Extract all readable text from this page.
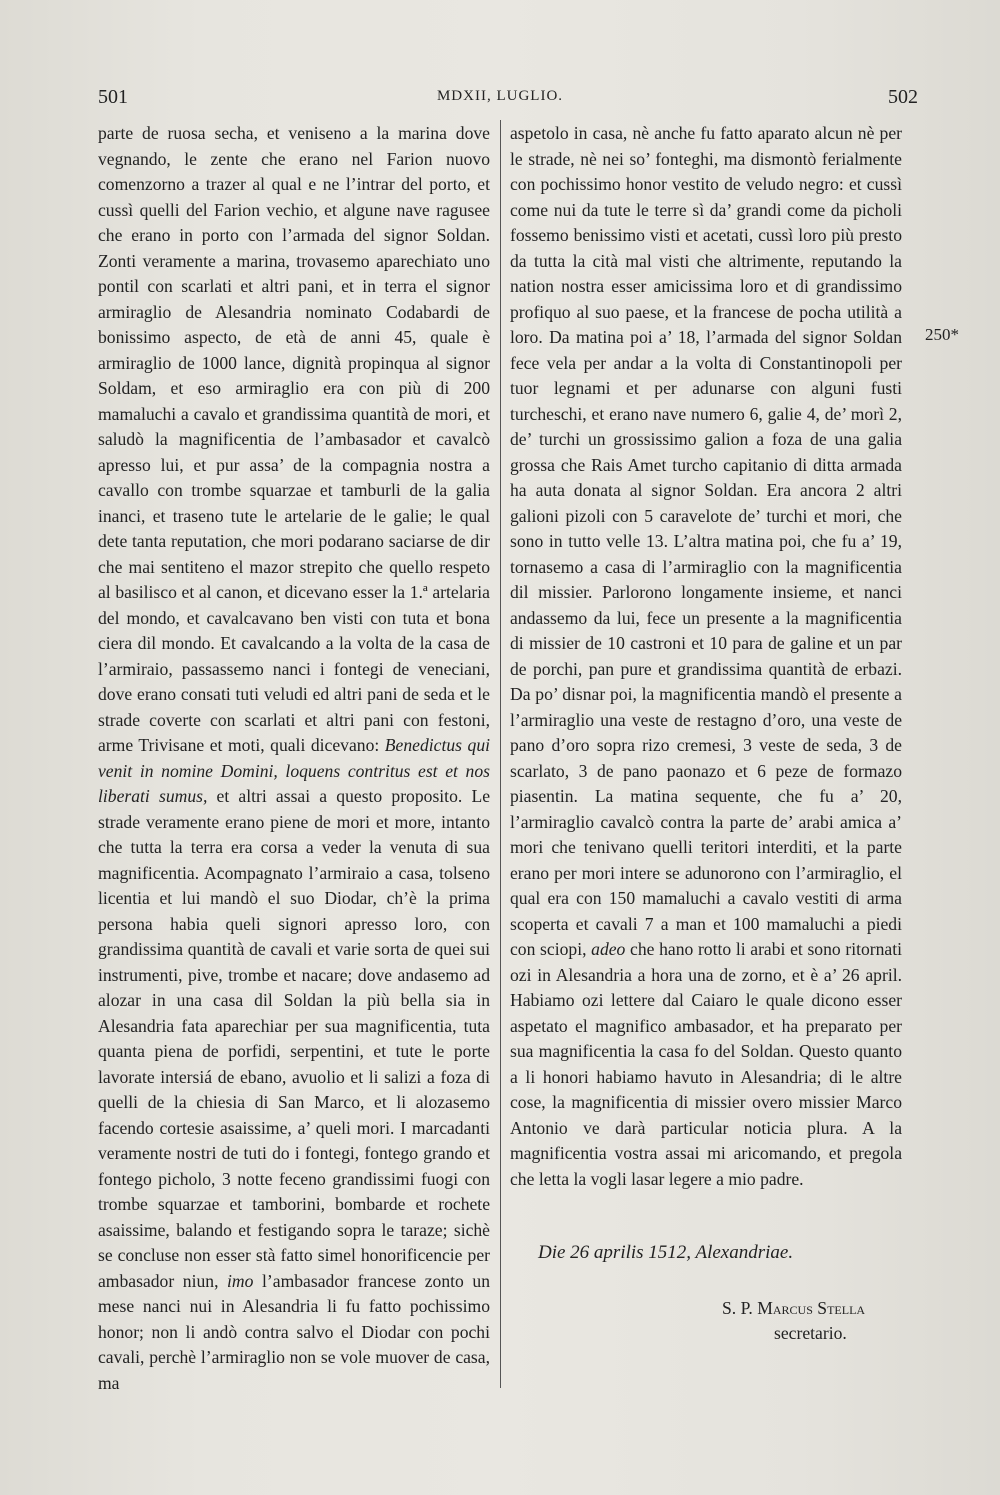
501	MDXII, LUGLIO.	502

parte de ruosa secha, et veniseno a la marina dove vegnando, le zente che erano nel Farion nuovo comenzorno a trazer al qual e ne l’intrar del porto, et cussì quelli del Farion vechio, et algune nave ragusee che erano in porto con l’armada del signor Soldan. Zonti veramente a marina, trovasemo aparechiato uno pontil con scarlati et altri pani, et in terra el signor armiraglio de Alesandria nominato Codabardi de bonissimo aspecto, de età de anni 45, quale è armiraglio de 1000 lance, dignità propinqua al signor Soldam, et eso armiraglio era con più di 200 mamaluchi a cavalo et grandissima quantità de mori, et saludò la magnificentia de l’ambasador et cavalcò apresso lui, et pur assa’ de la compagnia nostra a cavallo con trombe squarzae et tamburli de la galia inanci, et traseno tute le artelarie de le galie; le qual dete tanta reputation, che mori podarano saciarse de dir che mai sentiteno el mazor strepito che quello respeto al basilisco et al canon, et dicevano esser la 1.ª artelaria del mondo, et cavalcavano ben visti con tuta et bona ciera dil mondo. Et cavalcando a la volta de la casa de l’armiraio, passassemo nanci i fontegi de veneciani, dove erano consati tuti veludi ed altri pani de seda et le strade coverte con scarlati et altri pani con festoni, arme Trivisane et moti, quali dicevano: Benedictus qui venit in nomine Domini, loquens contritus est et nos liberati sumus, et altri assai a questo proposito. Le strade veramente erano piene de mori et more, intanto che tutta la terra era corsa a veder la venuta di sua magnificentia. Acompagnato l’armiraio a casa, tolseno licentia et lui mandò el suo Diodar, ch’è la prima persona habia queli signori apresso loro, con grandissima quantità de cavali et varie sorta de quei sui instrumenti, pive, trombe et nacare; dove andasemo ad alozar in una casa dil Soldan la più bella sia in Alesandria fata aparechiar per sua magnificentia, tuta quanta piena de porfidi, serpentini, et tute le porte lavorate intersiá de ebano, avuolio et li salizi a foza di quelli de la chiesia di San Marco, et li alozasemo facendo cortesie asaissime, a’ queli mori. I marcadanti veramente nostri de tuti do i fontegi, fontego grando et fontego picholo, 3 notte feceno grandissimi fuogi con trombe squarzae et tamborini, bombarde et rochete asaissime, balando et festigando sopra le taraze; sichè se concluse non esser stà fatto simel honorificencie per ambasador niun, imo l’ambasador francese zonto un mese nanci nui in Alesandria li fu fatto pochissimo honor; non li andò contra salvo el Diodar con pochi cavali, perchè l’armiraglio non se vole muover de casa, ma

aspetolo in casa, nè anche fu fatto aparato alcun nè per le strade, nè nei so’ fonteghi, ma dismontò ferialmente con pochissimo honor vestito de veludo negro: et cussì come nui da tute le terre sì da’ grandi come da picholi fossemo benissimo visti et acetati, cussì loro più presto da tutta la cità mal visti che altrimente, reputando la nation nostra esser amicissima loro et di grandissimo profiquo al suo paese, et la francese de pocha utilità a loro. Da matina poi a’ 18, l’armada del signor Soldan fece vela per andar a la volta di Constantinopoli per tuor legnami et per adunarse con alguni fusti turcheschi, et erano nave numero 6, galie 4, de’ morì 2, de’ turchi un grossissimo galion a foza de una galia grossa che Rais Amet turcho capitanio di ditta armada ha auta donata al signor Soldan. Era ancora 2 altri galioni pizoli con 5 caravelote de’ turchi et mori, che sono in tutto velle 13. L’altra matina poi, che fu a’ 19, tornasemo a casa di l’armiraglio con la magnificentia dil missier. Parlorono longamente insieme, et nanci andassemo da lui, fece un presente a la magnificentia di missier de 10 castroni et 10 para de galine et un par de porchi, pan pure et grandissima quantità de erbazi. Da po’ disnar poi, la magnificentia mandò el presente a l’armiraglio una veste de restagno d’oro, una veste de pano d’oro sopra rizo cremesi, 3 veste de seda, 3 de scarlato, 3 de pano paonazo et 6 peze de formazo piasentin. La matina sequente, che fu a’ 20, l’armiraglio cavalcò contra la parte de’ arabi amica a’ mori che tenivano quelli teritori interditi, et la parte erano per mori intere se adunorono con l’armiraglio, el qual era con 150 mamaluchi a cavalo vestiti di arma scoperta et cavali 7 a man et 100 mamaluchi a piedi con sciopi, adeo che hano rotto li arabi et sono ritornati ozi in Alesandria a hora una de zorno, et è a’ 26 april. Habiamo ozi lettere dal Caiaro le quale dicono esser aspetato el magnifico ambasador, et ha preparato per sua magnificentia la casa fo del Soldan. Questo quanto a li honori habiamo havuto in Alesandria; di le altre cose, la magnificentia di missier overo missier Marco Antonio ve darà particular noticia plura. A la magnificentia vostra assai mi aricomando, et pregola che letta la vogli lasar legere a mio padre.

250*
Die 26 aprilis 1512, Alexandriae.
S. P. Marcus Stella
secretario.
